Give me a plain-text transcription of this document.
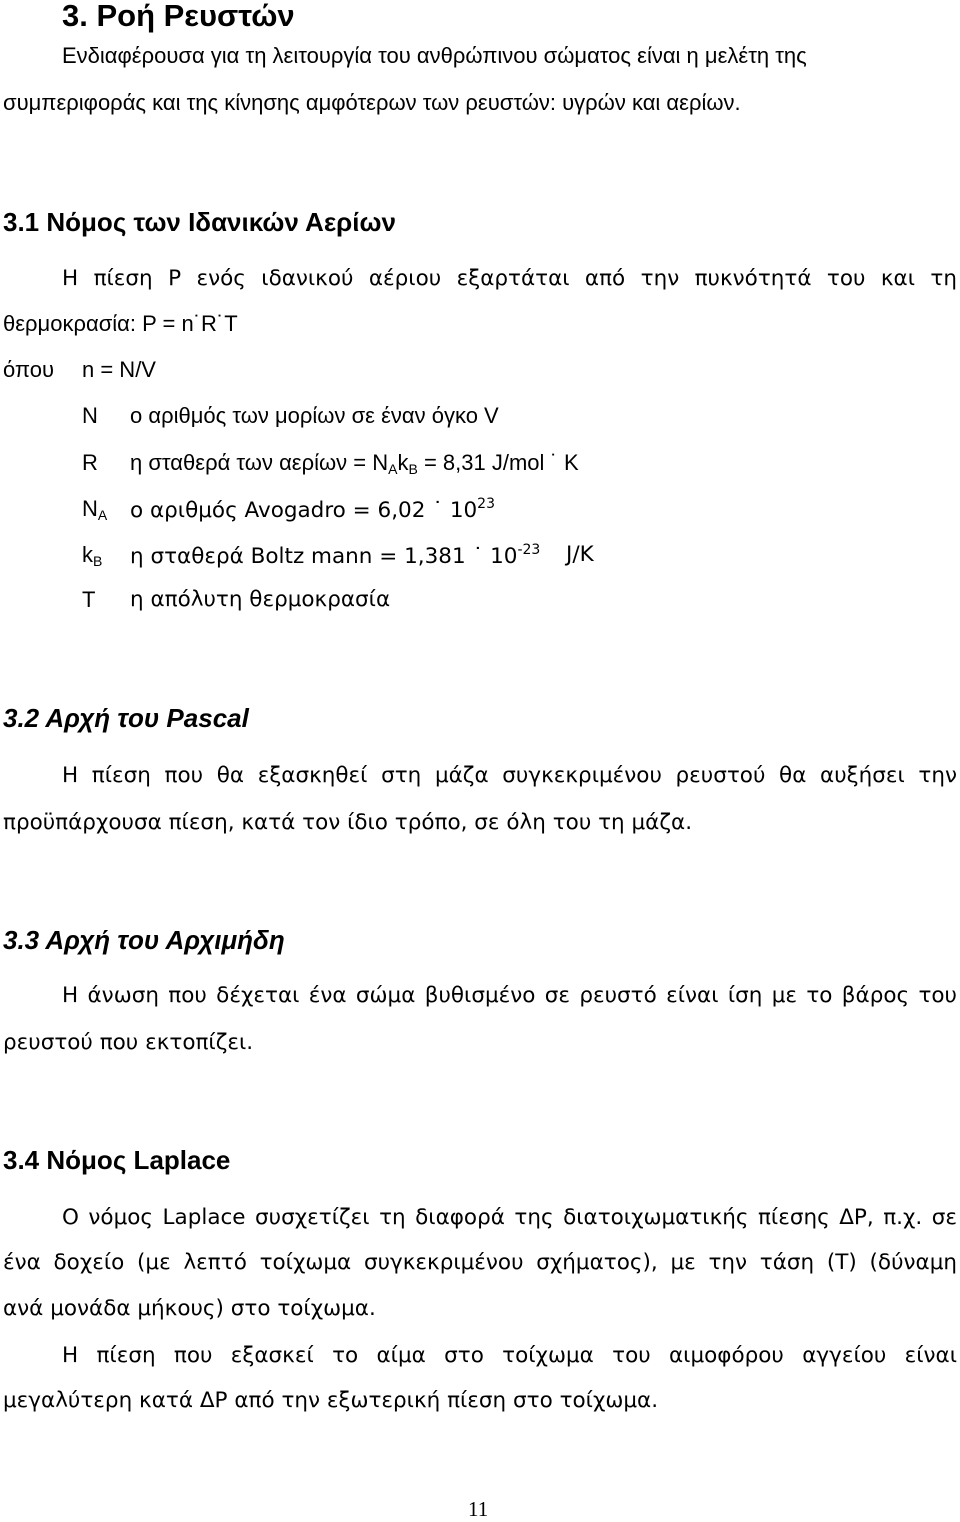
3. Ροή Ρευστών
Ενδιαφέρουσα για τη λειτουργία του ανθρώπινου σώματος είναι η μελέτη της
συμπεριφοράς και της κίνησης αμφότερων των ρευστών: υγρών και αερίων.
3.1 Νόμος των Ιδανικών Αερίων
Η πίεση Ρ ενός ιδανικού αέριου εξαρτάται από την πυκνότητά του και τη
θερμοκρασία: Ρ = n˙R˙T
όπου n = N/V
N ο αριθμός των μορίων σε έναν όγκο V
R η σταθερά των $\alpha\varepsilon\rho ί\omega\nu = N_Ak_B = 8,31$ J/mol ˙ K
$N_A$ ο αριθμός Avogadro = 6,02 ˙ $10^{23}$
$k_B$ η σταθερά Boltz mann = 1,381 ˙ $10^{-23}$ J/K
T η απόλυτη θερμοκρασία
3.2 Αρχή του Pascal
Η πίεση που θα εξασκηθεί στη μάζα συγκεκριμένου ρευστού θα αυξήσει την
προϋπάρχουσα πίεση, κατά τον ίδιο τρόπο, σε όλη του τη μάζα.
3.3 Αρχή του Αρχιμήδη
Η άνωση που δέχεται ένα σώμα βυθισμένο σε ρευστό είναι ίση με το βάρος του
ρευστού που εκτοπίζει.
3.4 Νόμος Laplace
Ο νόμος Laplace συσχετίζει τη διαφορά της διατοιχωματικής πίεσης ΔΡ, π.χ. σε
ένα δοχείο (με λεπτό τοίχωμα συγκεκριμένου σχήματος), με την τάση (Τ) (δύναμη
ανά μονάδα μήκους) στο τοίχωμα.
Η πίεση που εξασκεί το αίμα στο τοίχωμα του αιμοφόρου αγγείου είναι
μεγαλύτερη κατά ΔΡ από την εξωτερική πίεση στο τοίχωμα.
11
